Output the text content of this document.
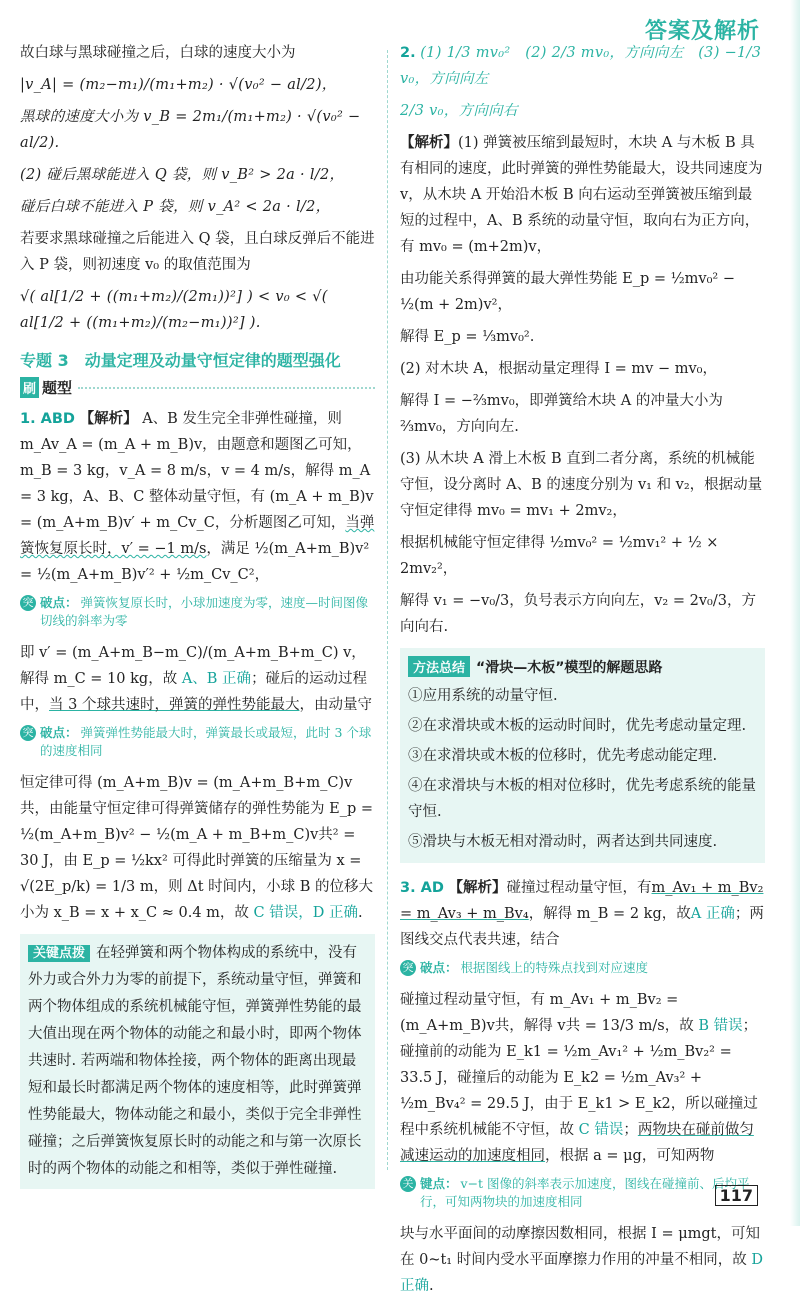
答案及解析

故白球与黑球碰撞之后，白球的速度大小为

|v_A| = (m₂−m₁)/(m₁+m₂) · √(v₀² − al/2)，

黑球的速度大小为 v_B = 2m₁/(m₁+m₂) · √(v₀² − al/2).

(2) 碰后黑球能进入 Q 袋，则 v_B² > 2a · l/2，

碰后白球不能进入 P 袋，则 v_A² < 2a · l/2，

若要求黑球碰撞之后能进入 Q 袋，且白球反弹后不能进入 P 袋，则初速度 v₀ 的取值范围为

√( al[1/2 + ((m₁+m₂)/(2m₁))²] ) < v₀ < √( al[1/2 + ((m₁+m₂)/(m₂−m₁))²] ).

专题 3　动量定理及动量守恒定律的题型强化
刷 题型

1. ABD 【解析】 A、B 发生完全非弹性碰撞，则 m_Av_A = (m_A + m_B)v，由题意和题图乙可知，m_B = 3 kg，v_A = 8 m/s，v = 4 m/s，解得 m_A = 3 kg，A、B、C 整体动量守恒，有 (m_A + m_B)v = (m_A+m_B)v′ + m_Cv_C，分析题图乙可知，当弹簧恢复原长时，v′ = −1 m/s，满足 ½(m_A+m_B)v² = ½(m_A+m_B)v′² + ½m_Cv_C²，

突 破点： 弹簧恢复原长时，小球加速度为零，速度—时间图像切线的斜率为零

即 v′ = (m_A+m_B−m_C)/(m_A+m_B+m_C) v，解得 m_C = 10 kg，故 A、B 正确；碰后的运动过程中，当 3 个球共速时，弹簧的弹性势能最大，由动量守

突 破点： 弹簧弹性势能最大时，弹簧最长或最短，此时 3 个球的速度相同

恒定律可得 (m_A+m_B)v = (m_A+m_B+m_C)v共，由能量守恒定律可得弹簧储存的弹性势能为 E_p = ½(m_A+m_B)v² − ½(m_A + m_B+m_C)v共² = 30 J，由 E_p = ½kx² 可得此时弹簧的压缩量为 x = √(2E_p/k) = 1/3 m，则 Δt 时间内，小球 B 的位移大小为 x_B = x + x_C ≈ 0.4 m，故 C 错误，D 正确.

关键点拨 在轻弹簧和两个物体构成的系统中，没有外力或合外力为零的前提下，系统动量守恒，弹簧和两个物体组成的系统机械能守恒，弹簧弹性势能的最大值出现在两个物体的动能之和最小时，即两个物体共速时. 若两端和物体拴接，两个物体的距离出现最短和最长时都满足两个物体的速度相等，此时弹簧弹性势能最大，物体动能之和最小，类似于完全非弹性碰撞；之后弹簧恢复原长时的动能之和与第一次原长时的两个物体的动能之和相等，类似于弹性碰撞.

2. (1) 1/3 mv₀²　(2) 2/3 mv₀，方向向左　(3) −1/3 v₀，方向向左

2/3 v₀，方向向右

【解析】(1) 弹簧被压缩到最短时，木块 A 与木板 B 具有相同的速度，此时弹簧的弹性势能最大，设共同速度为 v，从木块 A 开始沿木板 B 向右运动至弹簧被压缩到最短的过程中，A、B 系统的动量守恒，取向右为正方向，有 mv₀ = (m+2m)v，

由功能关系得弹簧的最大弹性势能 E_p = ½mv₀² − ½(m + 2m)v²，

解得 E_p = ⅓mv₀².

(2) 对木块 A，根据动量定理得 I = mv − mv₀，

解得 I = −⅔mv₀，即弹簧给木块 A 的冲量大小为 ⅔mv₀，方向向左.

(3) 从木块 A 滑上木板 B 直到二者分离，系统的机械能守恒，设分离时 A、B 的速度分别为 v₁ 和 v₂，根据动量守恒定律得 mv₀ = mv₁ + 2mv₂，

根据机械能守恒定律得 ½mv₀² = ½mv₁² + ½ × 2mv₂²，

解得 v₁ = −v₀/3，负号表示方向向左，v₂ = 2v₀/3，方向向右.

方法总结 “滑块—木板”模型的解题思路
①应用系统的动量守恒.
②在求滑块或木板的运动时间时，优先考虑动量定理.
③在求滑块或木板的位移时，优先考虑动能定理.
④在求滑块与木板的相对位移时，优先考虑系统的能量守恒.
⑤滑块与木板无相对滑动时，两者达到共同速度.

3. AD 【解析】碰撞过程动量守恒，有m_Av₁ + m_Bv₂ = m_Av₃ + m_Bv₄，解得 m_B = 2 kg，故A 正确；两图线交点代表共速，结合

突 破点： 根据图线上的特殊点找到对应速度

碰撞过程动量守恒，有 m_Av₁ + m_Bv₂ = (m_A+m_B)v共，解得 v共 = 13/3 m/s，故 B 错误；碰撞前的动能为 E_k1 = ½m_Av₁² + ½m_Bv₂² = 33.5 J，碰撞后的动能为 E_k2 = ½m_Av₃² + ½m_Bv₄² = 29.5 J，由于 E_k1 > E_k2，所以碰撞过程中系统机械能不守恒，故 C 错误；两物块在碰前做匀减速运动的加速度相同，根据 a = μg，可知两物

关 键点： v−t 图像的斜率表示加速度，图线在碰撞前、后均平行，可知两物块的加速度相同

块与水平面间的动摩擦因数相同，根据 I = μmgt，可知在 0~t₁ 时间内受水平面摩擦力作用的冲量不相同，故 D 正确.

117
